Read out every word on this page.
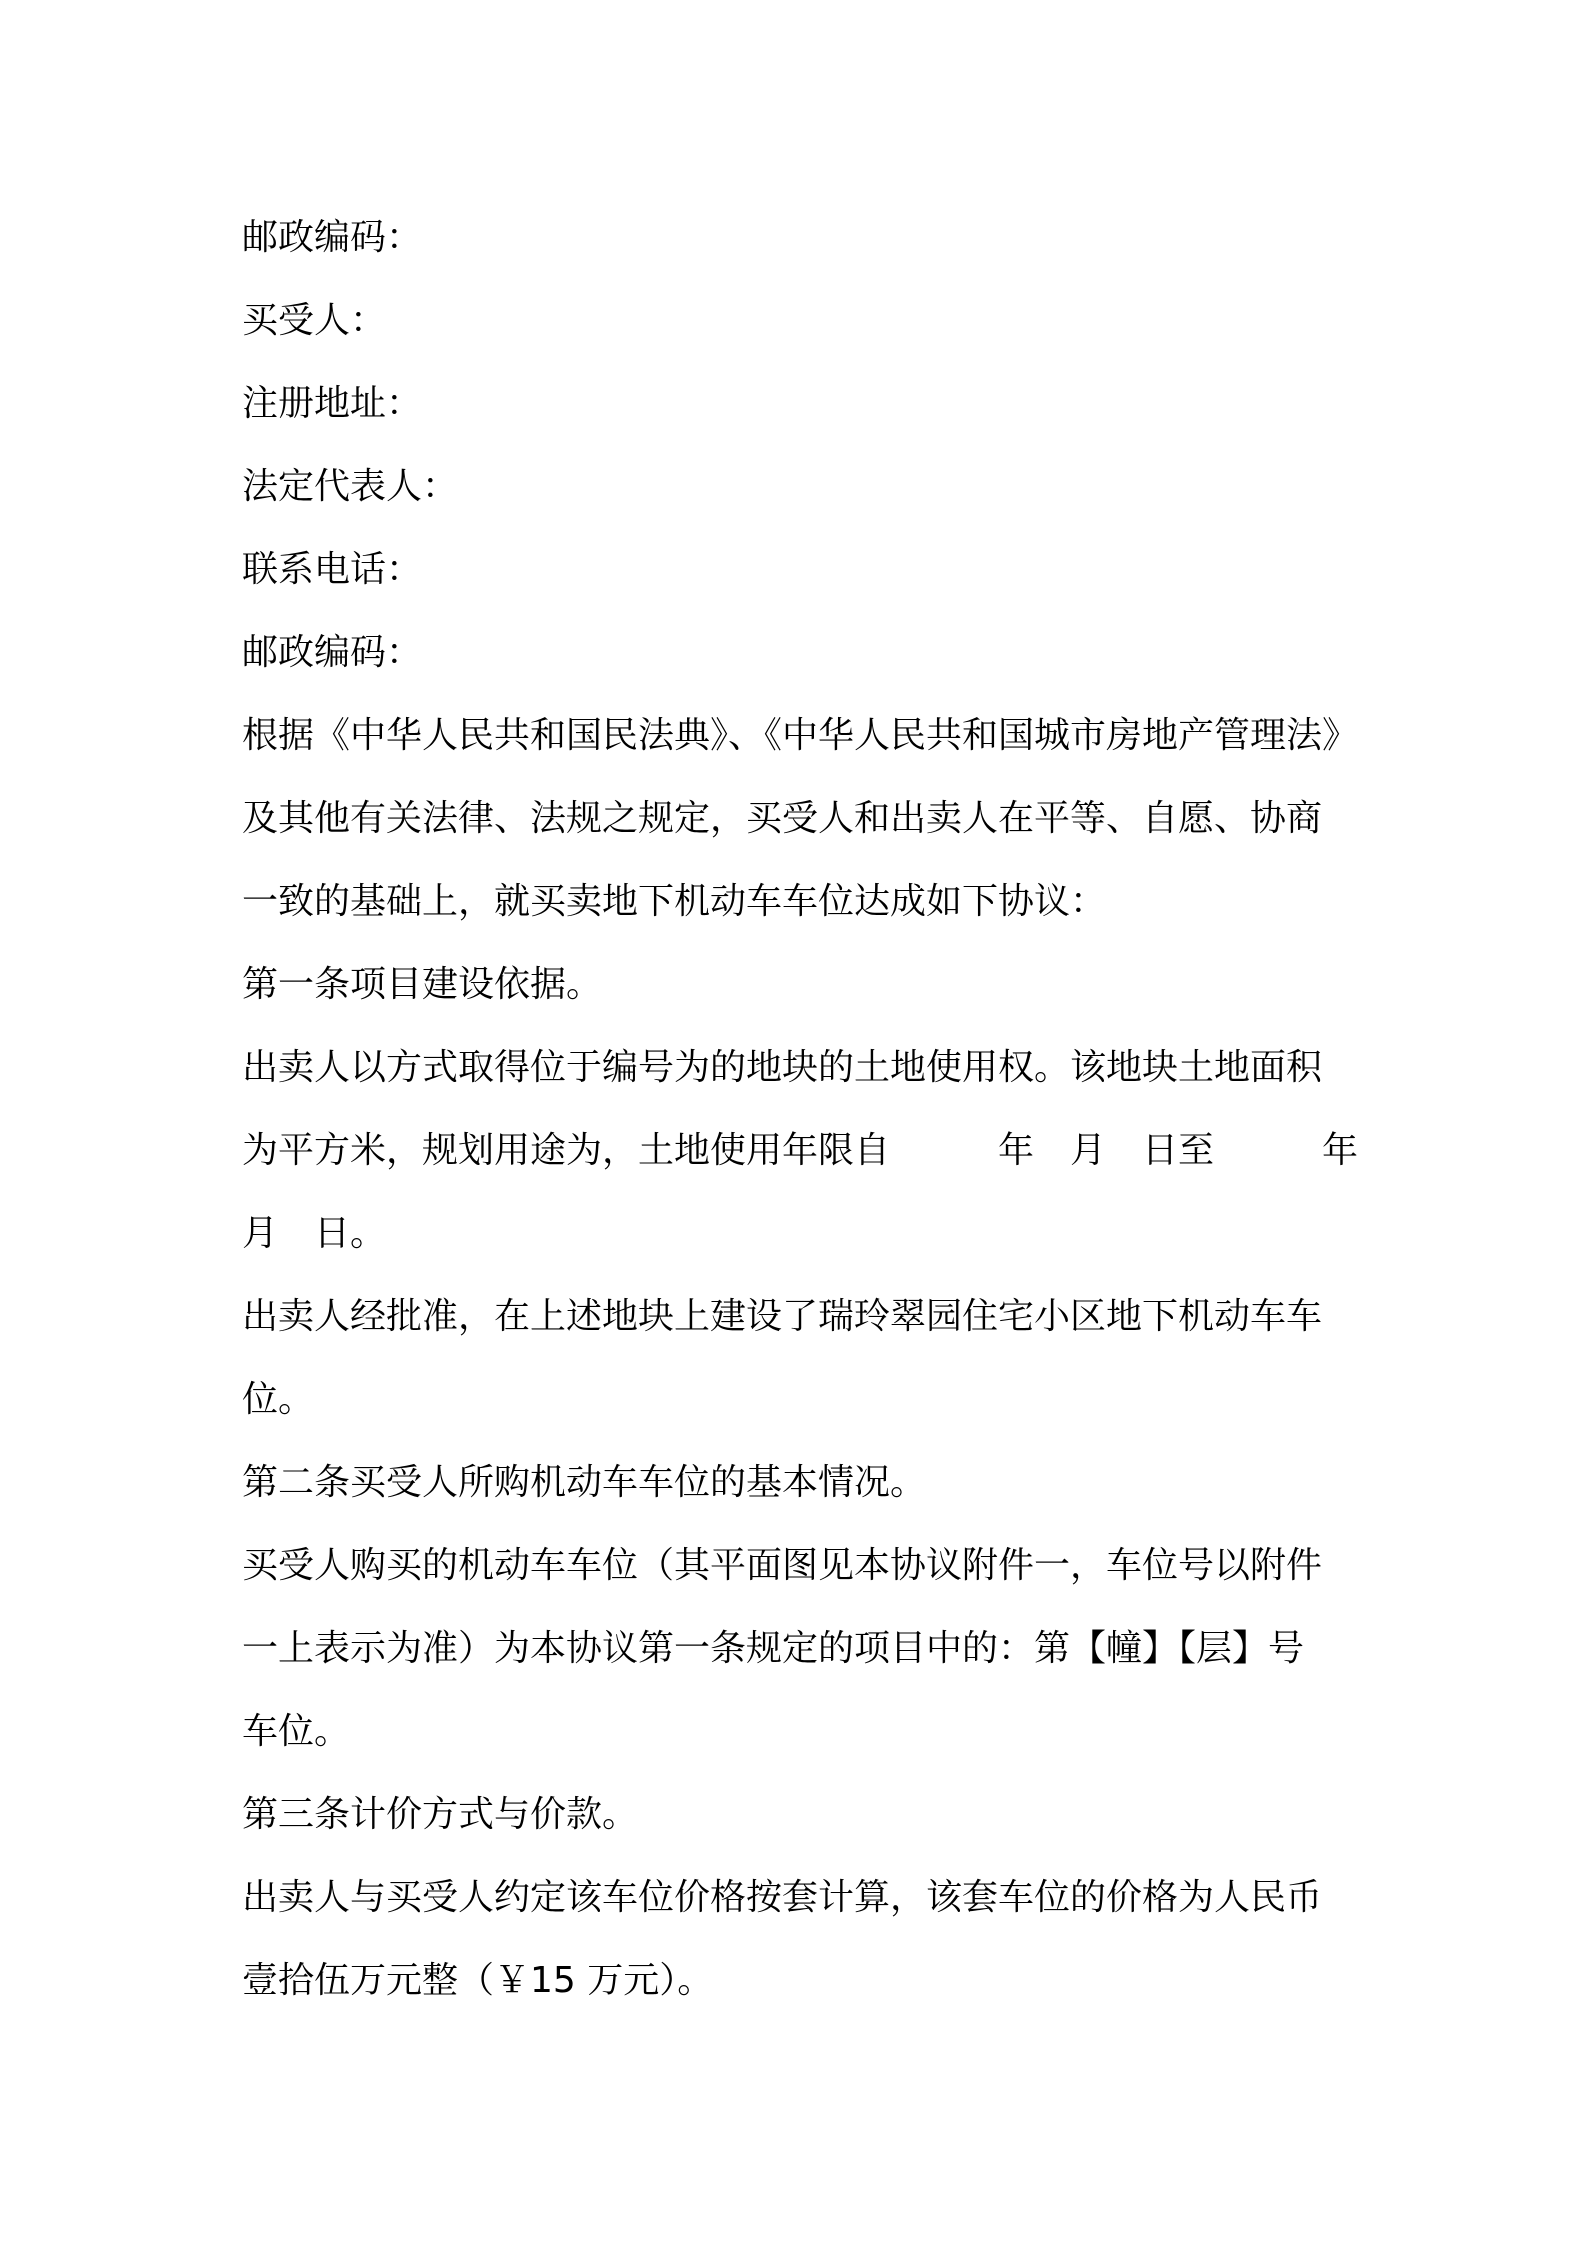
邮政编码：
买受人：
注册地址：
法定代表人：
联系电话：
邮政编码：
根据《中华人民共和国民法典》、《中华人民共和国城市房地产管理法》
及其他有关法律、法规之规定，买受人和出卖人在平等、自愿、协商
一致的基础上，就买卖地下机动车车位达成如下协议：
第一条项目建设依据。
出卖人以方式取得位于编号为的地块的土地使用权。该地块土地面积
为平方米，规划用途为，土地使用年限自　　　年　月　日至　　　年
月　日。
出卖人经批准，在上述地块上建设了瑞玲翠园住宅小区地下机动车车
位。
第二条买受人所购机动车车位的基本情况。
买受人购买的机动车车位（其平面图见本协议附件一，车位号以附件
一上表示为准）为本协议第一条规定的项目中的：第【幢】【层】号
车位。
第三条计价方式与价款。
出卖人与买受人约定该车位价格按套计算，该套车位的价格为人民币
壹拾伍万元整（￥15 万元）。
